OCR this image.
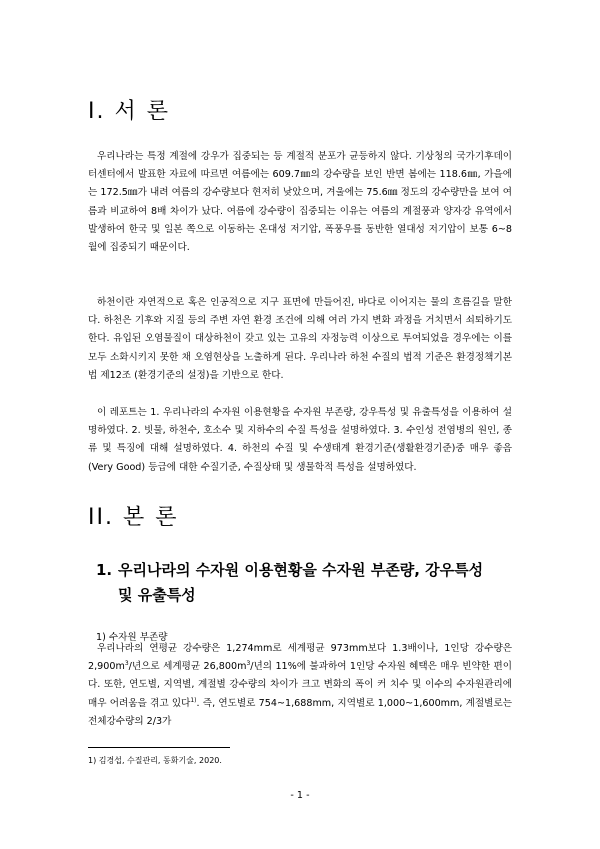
I. 서 론

우리나라는 특정 계절에 강우가 집중되는 등 계절적 분포가 균등하지 않다. 기상청의 국가기후데이터센터에서 발표한 자료에 따르면 여름에는 609.7㎜의 강수량을 보인 반면 봄에는 118.6㎜, 가을에는 172.5㎜가 내려 여름의 강수량보다 현저히 낮았으며, 겨울에는 75.6㎜ 정도의 강수량만을 보여 여름과 비교하여 8배 차이가 났다. 여름에 강수량이 집중되는 이유는 여름의 계절풍과 양자강 유역에서 발생하여 한국 및 일본 쪽으로 이동하는 온대성 저기압, 폭풍우를 동반한 열대성 저기압이 보통 6~8월에 집중되기 때문이다.

하천이란 자연적으로 혹은 인공적으로 지구 표면에 만들어진, 바다로 이어지는 물의 흐름길을 말한다. 하천은 기후와 지질 등의 주변 자연 환경 조건에 의해 여러 가지 변화 과정을 거치면서 쇠퇴하기도 한다. 유입된 오염물질이 대상하천이 갖고 있는 고유의 자정능력 이상으로 투여되었을 경우에는 이를 모두 소화시키지 못한 채 오염현상을 노출하게 된다. 우리나라 하천 수질의 법적 기준은 환경정책기본법 제12조 (환경기준의 설정)을 기반으로 한다.

이 레포트는 1. 우리나라의 수자원 이용현황을 수자원 부존량, 강우특성 및 유출특성을 이용하여 설명하였다. 2. 빗물, 하천수, 호소수 및 지하수의 수질 특성을 설명하였다. 3. 수인성 전염병의 원인, 종류 및 특징에 대해 설명하였다. 4. 하천의 수질 및 수생태계 환경기준(생활환경기준)중 매우 좋음(Very Good) 등급에 대한 수질기준, 수질상태 및 생물학적 특성을 설명하였다.

II. 본 론
1. 우리나라의 수자원 이용현황을 수자원 부존량, 강우특성
및 유출특성
1) 수자원 부존량

우리나라의 연평균 강수량은 1,274mm로 세계평균 973mm보다 1.3배이나, 1인당 강수량은 $2,900m^3/$년으로 세계평균 $26,800m^3/$년의 11%에 불과하여 1인당 수자원 혜택은 매우 빈약한 편이다. 또한, 연도별, 지역별, 계절별 강수량의 차이가 크고 변화의 폭이 커 치수 및 이수의 수자원관리에 매우 어려움을 겪고 있다$^{1)}$. 즉, 연도별로 754~1,688mm, 지역별로 1,000~1,600mm, 계절별로는 전체강수량의 2/3가

1) 김경섭, 수질관리, 동화기술, 2020.
- 1 -
